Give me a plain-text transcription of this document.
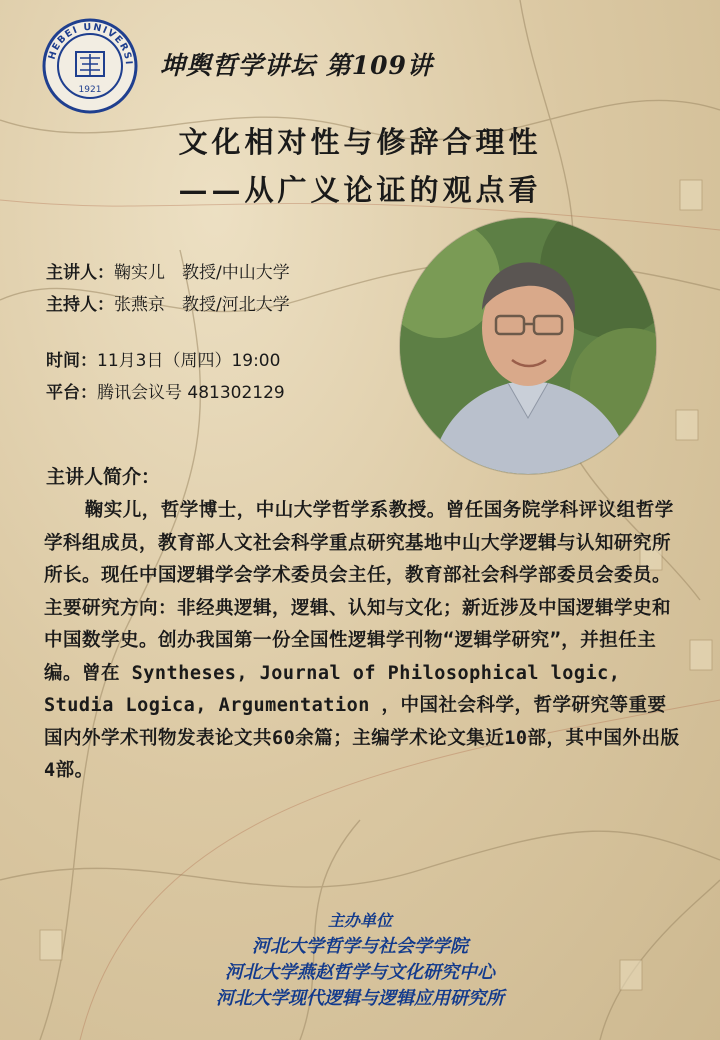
HEBEI UNIVERSI
1921
坤舆哲学讲坛 第109讲
文化相对性与修辞合理性
——从广义论证的观点看
主讲人：鞠实儿　教授/中山大学
主持人：张燕京　教授/河北大学
时间：11月3日（周四）19:00
平台：腾讯会议号 481302129
主讲人简介：

鞠实儿，哲学博士，中山大学哲学系教授。曾任国务院学科评议组哲学学科组成员，教育部人文社会科学重点研究基地中山大学逻辑与认知研究所所长。现任中国逻辑学会学术委员会主任，教育部社会科学部委员会委员。主要研究方向：非经典逻辑，逻辑、认知与文化；新近涉及中国逻辑学史和中国数学史。创办我国第一份全国性逻辑学刊物“逻辑学研究”，并担任主编。曾在 Syntheses, Journal of Philosophical logic, Studia Logica, Argumentation ，中国社会科学，哲学研究等重要国内外学术刊物发表论文共60余篇；主编学术论文集近10部，其中国外出版4部。

主办单位
河北大学哲学与社会学学院
河北大学燕赵哲学与文化研究中心
河北大学现代逻辑与逻辑应用研究所
